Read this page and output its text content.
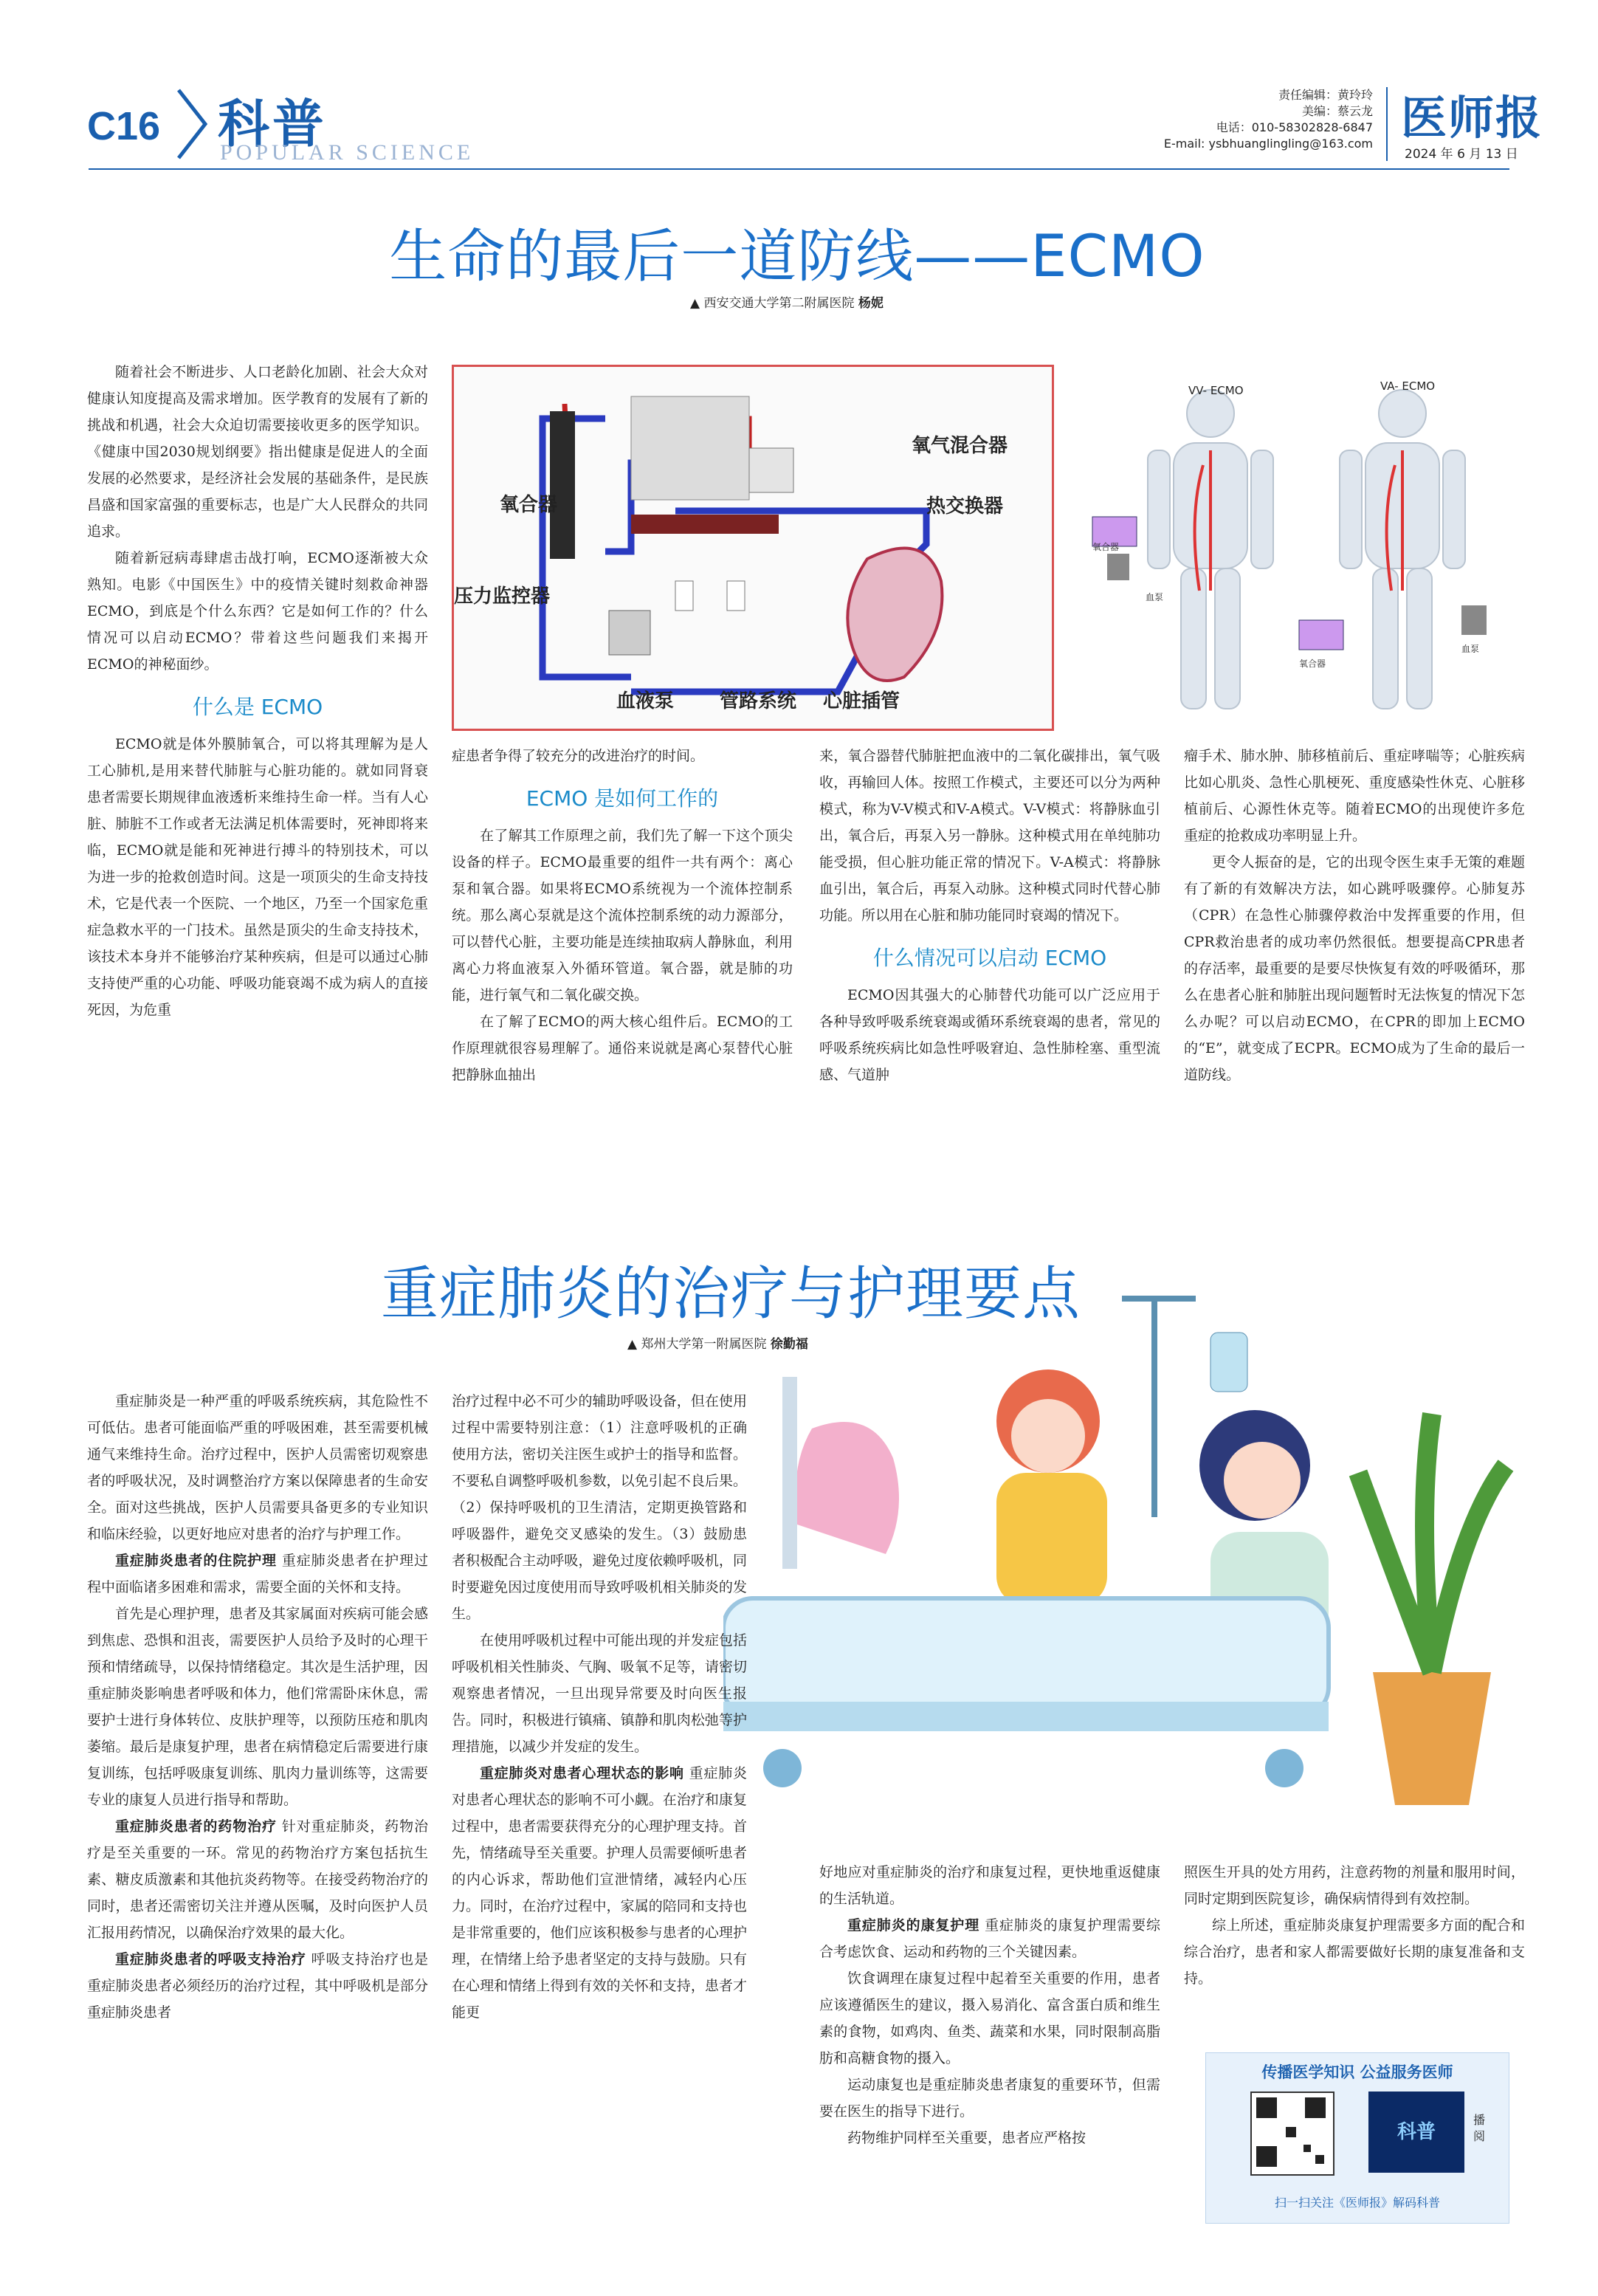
C16 科普
POPULAR SCIENCE
责任编辑：黄玲玲
美编：蔡云龙
电话：010-58302828-6847
E-mail: ysbhuanglingling@163.com 医师报
2024 年 6 月 13 日
生命的最后一道防线——ECMO
▲ 西安交通大学第二附属医院 杨妮
氧气混合器
氧合器	热交换器
压力监控器
血液泵 管路系统 心脏插管
VV- ECMO	VA- ECMO
氧合器
血泵
氧合器
血泵

随着社会不断进步、人口老龄化加剧、社会大众对健康认知度提高及需求增加。医学教育的发展有了新的挑战和机遇，社会大众迫切需要接收更多的医学知识。《健康中国2030规划纲要》指出健康是促进人的全面发展的必然要求，是经济社会发展的基础条件，是民族昌盛和国家富强的重要标志，也是广大人民群众的共同追求。

随着新冠病毒肆虐击战打响，ECMO逐渐被大众熟知。电影《中国医生》中的疫情关键时刻救命神器ECMO，到底是个什么东西？它是如何工作的？什么情况可以启动ECMO？带着这些问题我们来揭开ECMO的神秘面纱。

什么是 ECMO

ECMO就是体外膜肺氧合，可以将其理解为是人工心肺机,是用来替代肺脏与心脏功能的。就如同肾衰患者需要长期规律血液透析来维持生命一样。当有人心脏、肺脏不工作或者无法满足机体需要时，死神即将来临，ECMO就是能和死神进行搏斗的特别技术，可以为进一步的抢救创造时间。这是一项顶尖的生命支持技术，它是代表一个医院、一个地区，乃至一个国家危重症急救水平的一门技术。虽然是顶尖的生命支持技术，该技术本身并不能够治疗某种疾病，但是可以通过心肺支持使严重的心功能、呼吸功能衰竭不成为病人的直接死因，为危重

症患者争得了较充分的改进治疗的时间。

ECMO 是如何工作的

在了解其工作原理之前，我们先了解一下这个顶尖设备的样子。ECMO最重要的组件一共有两个：离心泵和氧合器。如果将ECMO系统视为一个流体控制系统。那么离心泵就是这个流体控制系统的动力源部分，可以替代心脏，主要功能是连续抽取病人静脉血，利用离心力将血液泵入外循环管道。氧合器，就是肺的功能，进行氧气和二氧化碳交换。

在了解了ECMO的两大核心组件后。ECMO的工作原理就很容易理解了。通俗来说就是离心泵替代心脏把静脉血抽出

来，氧合器替代肺脏把血液中的二氧化碳排出，氧气吸收，再输回人体。按照工作模式，主要还可以分为两种模式，称为V-V模式和V-A模式。V-V模式：将静脉血引出，氧合后，再泵入另一静脉。这种模式用在单纯肺功能受损，但心脏功能正常的情况下。V-A模式：将静脉血引出，氧合后，再泵入动脉。这种模式同时代替心肺功能。所以用在心脏和肺功能同时衰竭的情况下。

什么情况可以启动 ECMO

ECMO因其强大的心肺替代功能可以广泛应用于各种导致呼吸系统衰竭或循环系统衰竭的患者，常见的呼吸系统疾病比如急性呼吸窘迫、急性肺栓塞、重型流感、气道肿

瘤手术、肺水肿、肺移植前后、重症哮喘等；心脏疾病比如心肌炎、急性心肌梗死、重度感染性休克、心脏移植前后、心源性休克等。随着ECMO的出现使许多危重症的抢救成功率明显上升。

更令人振奋的是，它的出现令医生束手无策的难题有了新的有效解决方法，如心跳呼吸骤停。心肺复苏（CPR）在急性心肺骤停救治中发挥重要的作用，但CPR救治患者的成功率仍然很低。想要提高CPR患者的存活率，最重要的是要尽快恢复有效的呼吸循环，那么在患者心脏和肺脏出现问题暂时无法恢复的情况下怎么办呢？可以启动ECMO，在CPR的即加上ECMO的“E”，就变成了ECPR。ECMO成为了生命的最后一道防线。

重症肺炎的治疗与护理要点
▲ 郑州大学第一附属医院 徐勤福

重症肺炎是一种严重的呼吸系统疾病，其危险性不可低估。患者可能面临严重的呼吸困难，甚至需要机械通气来维持生命。治疗过程中，医护人员需密切观察患者的呼吸状况，及时调整治疗方案以保障患者的生命安全。面对这些挑战，医护人员需要具备更多的专业知识和临床经验，以更好地应对患者的治疗与护理工作。

重症肺炎患者的住院护理 重症肺炎患者在护理过程中面临诸多困难和需求，需要全面的关怀和支持。

首先是心理护理，患者及其家属面对疾病可能会感到焦虑、恐惧和沮丧，需要医护人员给予及时的心理干预和情绪疏导，以保持情绪稳定。其次是生活护理，因重症肺炎影响患者呼吸和体力，他们常需卧床休息，需要护士进行身体转位、皮肤护理等，以预防压疮和肌肉萎缩。最后是康复护理，患者在病情稳定后需要进行康复训练，包括呼吸康复训练、肌肉力量训练等，这需要专业的康复人员进行指导和帮助。

重症肺炎患者的药物治疗 针对重症肺炎，药物治疗是至关重要的一环。常见的药物治疗方案包括抗生素、糖皮质激素和其他抗炎药物等。在接受药物治疗的同时，患者还需密切关注并遵从医嘱，及时向医护人员汇报用药情况，以确保治疗效果的最大化。

重症肺炎患者的呼吸支持治疗 呼吸支持治疗也是重症肺炎患者必须经历的治疗过程，其中呼吸机是部分重症肺炎患者

治疗过程中必不可少的辅助呼吸设备，但在使用过程中需要特别注意：（1）注意呼吸机的正确使用方法，密切关注医生或护士的指导和监督。不要私自调整呼吸机参数，以免引起不良后果。（2）保持呼吸机的卫生清洁，定期更换管路和呼吸器件，避免交叉感染的发生。（3）鼓励患者积极配合主动呼吸，避免过度依赖呼吸机，同时要避免因过度使用而导致呼吸机相关肺炎的发生。

在使用呼吸机过程中可能出现的并发症包括呼吸机相关性肺炎、气胸、吸氧不足等，请密切观察患者情况，一旦出现异常要及时向医生报告。同时，积极进行镇痛、镇静和肌肉松弛等护理措施，以减少并发症的发生。

重症肺炎对患者心理状态的影响 重症肺炎对患者心理状态的影响不可小觑。在治疗和康复过程中，患者需要获得充分的心理护理支持。首先，情绪疏导至关重要。护理人员需要倾听患者的内心诉求，帮助他们宣泄情绪，减轻内心压力。同时，在治疗过程中，家属的陪同和支持也是非常重要的，他们应该积极参与患者的心理护理，在情绪上给予患者坚定的支持与鼓励。只有在心理和情绪上得到有效的关怀和支持，患者才能更

好地应对重症肺炎的治疗和康复过程，更快地重返健康的生活轨道。

重症肺炎的康复护理 重症肺炎的康复护理需要综合考虑饮食、运动和药物的三个关键因素。

饮食调理在康复过程中起着至关重要的作用，患者应该遵循医生的建议，摄入易消化、富含蛋白质和维生素的食物，如鸡肉、鱼类、蔬菜和水果，同时限制高脂肪和高糖食物的摄入。

运动康复也是重症肺炎患者康复的重要环节，但需要在医生的指导下进行。

药物维护同样至关重要，患者应严格按

照医生开具的处方用药，注意药物的剂量和服用时间，同时定期到医院复诊，确保病情得到有效控制。

综上所述，重症肺炎康复护理需要多方面的配合和综合治疗，患者和家人都需要做好长期的康复准备和支持。

传播医学知识 公益服务医师
科普
播阅
扫一扫关注《医师报》解码科普
